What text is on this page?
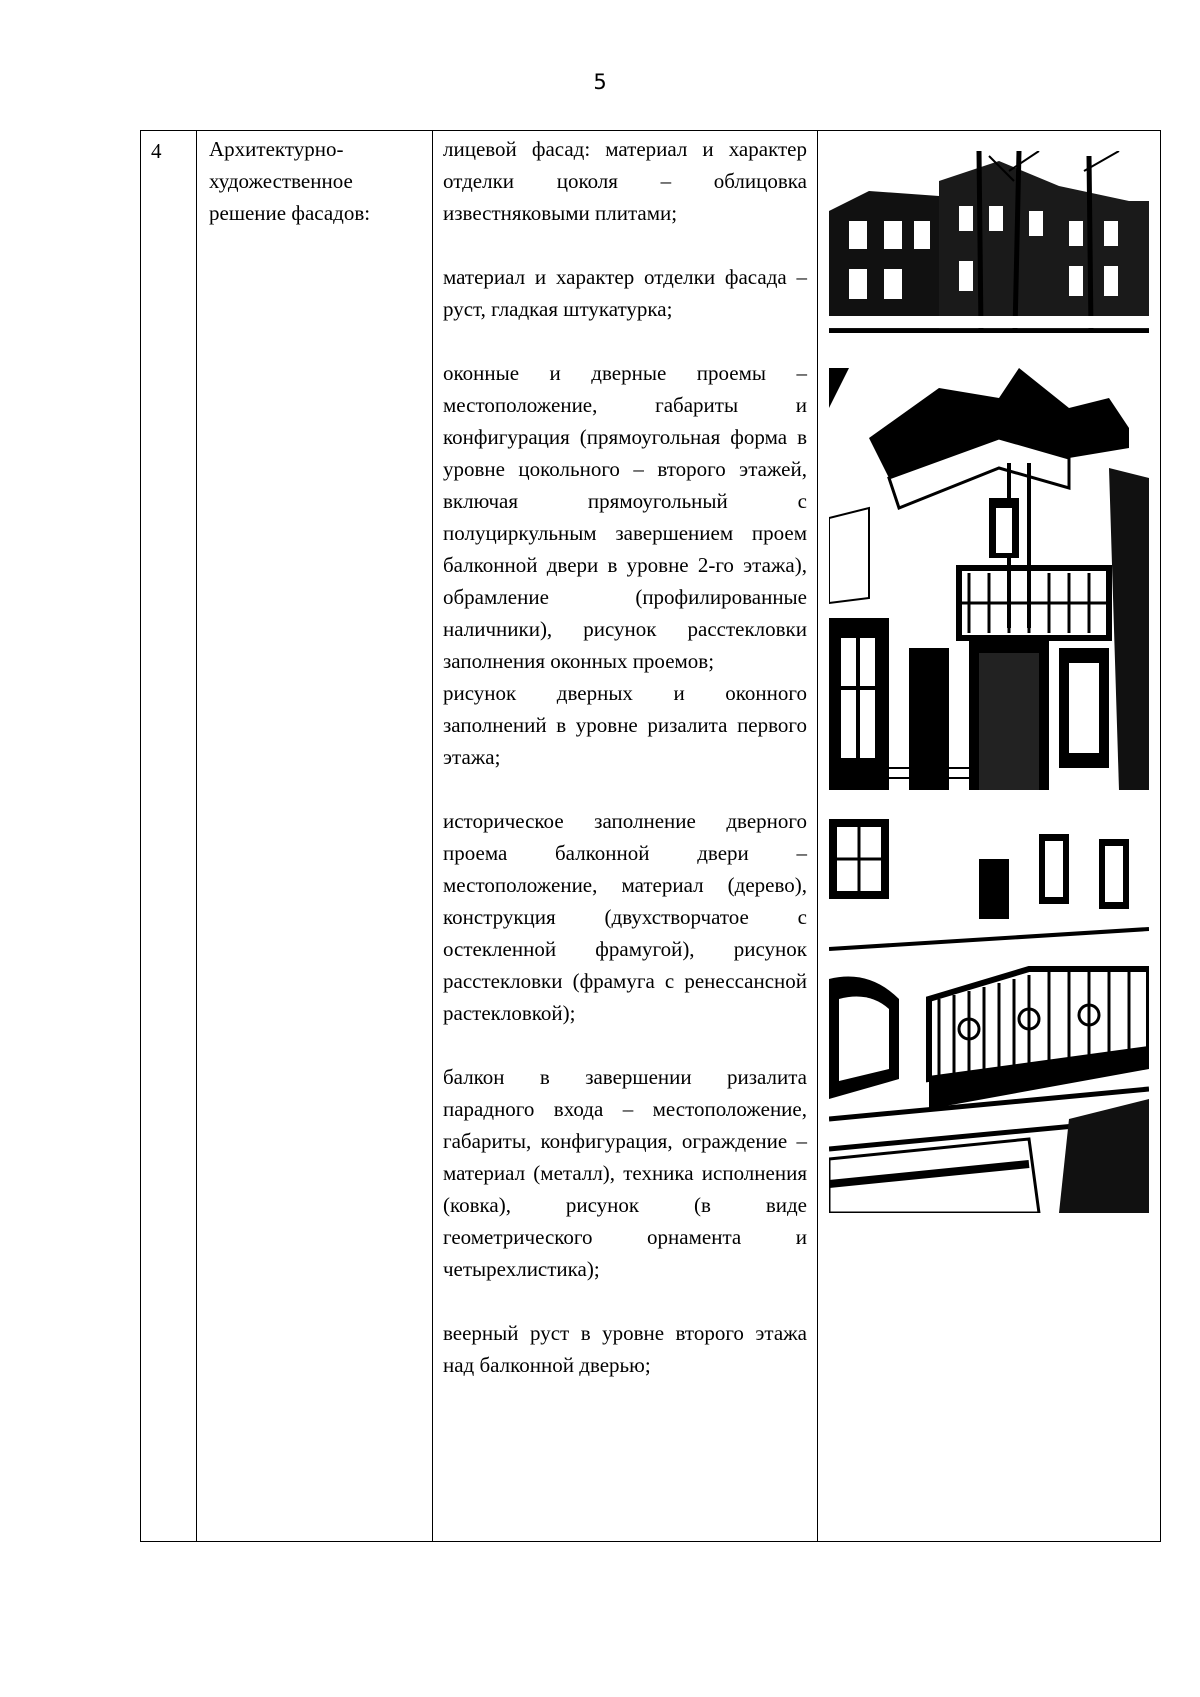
5
4	Архитектурно-художественное решение фасадов:

лицевой фасад: материал и характер отделки цоколя – облицовка известняковыми плитами;

материал и характер отделки фасада – руст, гладкая штукатурка;

оконные и дверные проемы – местоположение, габариты и конфигурация (прямоугольная форма в уровне цокольного – второго этажей, включая прямоугольный с полуциркульным завершением проем балконной двери в уровне 2-го этажа), обрамление (профилированные наличники), рисунок расстекловки заполнения оконных проемов;

рисунок дверных и оконного заполнений в уровне ризалита первого этажа;

историческое заполнение дверного проема балконной двери – местоположение, материал (дерево), конструкция (двухстворчатое с остекленной фрамугой), рисунок расстекловки (фрамуга с ренессансной растекловкой);

балкон в завершении ризалита парадного входа – местоположение, габариты, конфигурация, ограждение – материал (металл), техника исполнения (ковка), рисунок (в виде геометрического орнамента и четырехлистика);

веерный руст в уровне второго этажа над балконной дверью;
